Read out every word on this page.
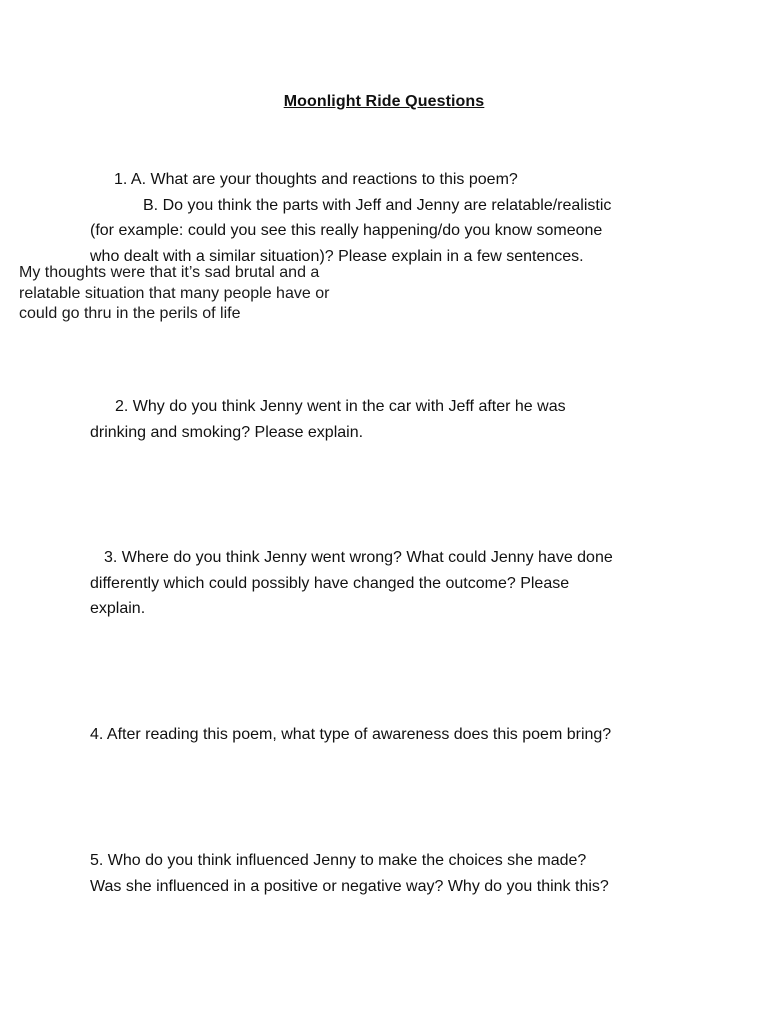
Moonlight Ride Questions
1. A. What are your thoughts and reactions to this poem?
B. Do you think the parts with Jeff and Jenny are relatable/realistic
(for example: could you see this really happening/do you know someone
who dealt with a similar situation)? Please explain in a few sentences.
My thoughts were that it’s sad brutal and a
relatable situation that many people have or
could go thru in the perils of life
2. Why do you think Jenny went in the car with Jeff after he was
drinking and smoking? Please explain.
3. Where do you think Jenny went wrong? What could Jenny have done
differently which could possibly have changed the outcome? Please
explain.
4. After reading this poem, what type of awareness does this poem bring?
5. Who do you think influenced Jenny to make the choices she made?
Was she influenced in a positive or negative way? Why do you think this?
